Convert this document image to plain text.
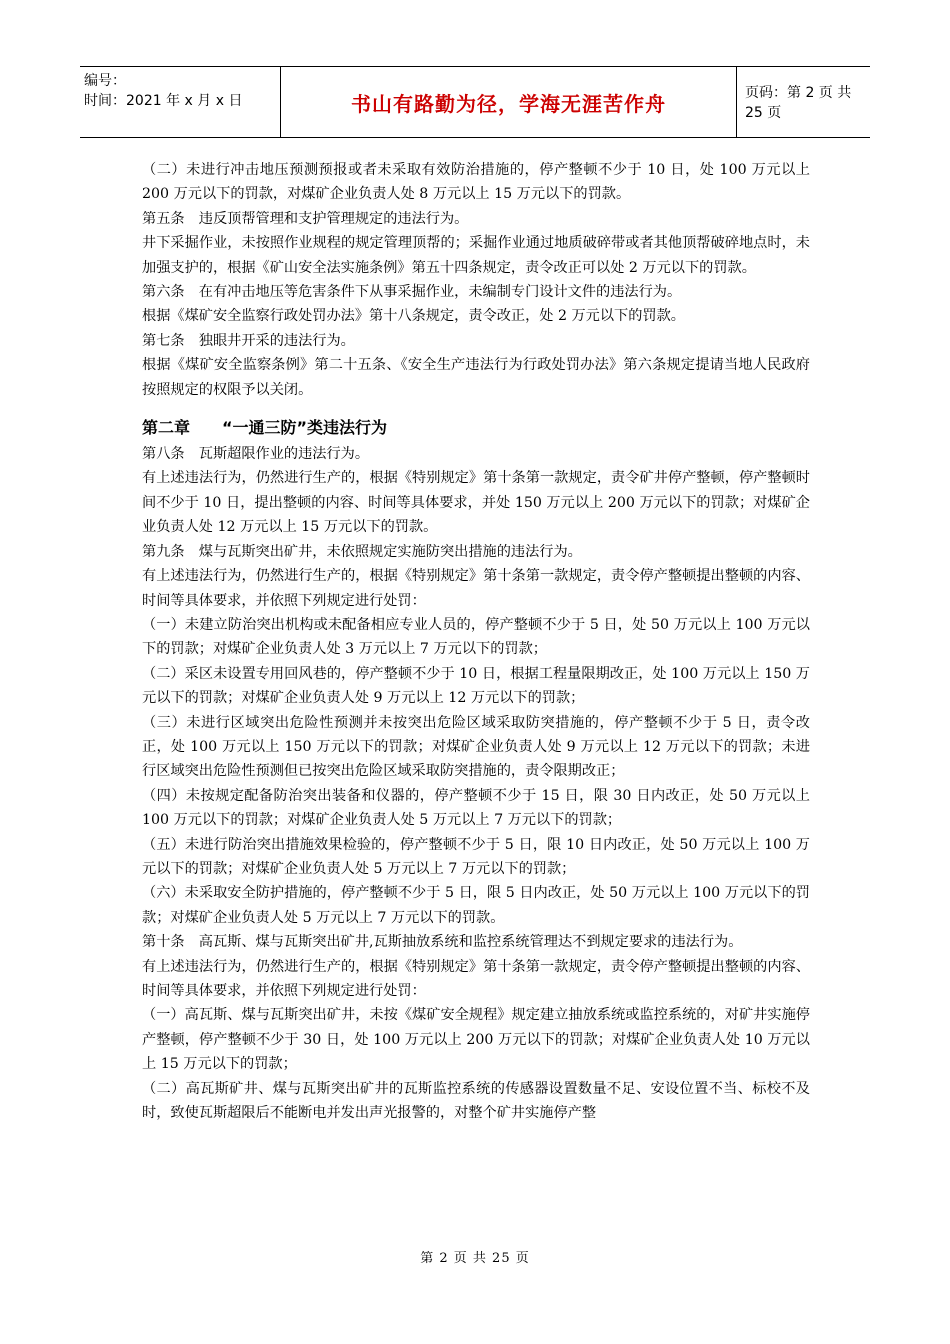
编号：
时间：2021 年 x 月 x 日	书山有路勤为径，学海无涯苦作舟	页码：第 2 页 共 25 页

（二）未进行冲击地压预测预报或者未采取有效防治措施的，停产整顿不少于 10 日，处 100 万元以上 200 万元以下的罚款，对煤矿企业负责人处 8 万元以上 15 万元以下的罚款。

第五条　违反顶帮管理和支护管理规定的违法行为。

井下采掘作业，未按照作业规程的规定管理顶帮的；采掘作业通过地质破碎带或者其他顶帮破碎地点时，未加强支护的，根据《矿山安全法实施条例》第五十四条规定，责令改正可以处 2 万元以下的罚款。

第六条　在有冲击地压等危害条件下从事采掘作业，未编制专门设计文件的违法行为。

根据《煤矿安全监察行政处罚办法》第十八条规定，责令改正，处 2 万元以下的罚款。

第七条　独眼井开采的违法行为。

根据《煤矿安全监察条例》第二十五条、《安全生产违法行为行政处罚办法》第六条规定提请当地人民政府按照规定的权限予以关闭。

第二章　　“一通三防”类违法行为

第八条　瓦斯超限作业的违法行为。

有上述违法行为，仍然进行生产的，根据《特别规定》第十条第一款规定，责令矿井停产整顿，停产整顿时间不少于 10 日，提出整顿的内容、时间等具体要求，并处 150 万元以上 200 万元以下的罚款；对煤矿企业负责人处 12 万元以上 15 万元以下的罚款。

第九条　煤与瓦斯突出矿井，未依照规定实施防突出措施的违法行为。

有上述违法行为，仍然进行生产的，根据《特别规定》第十条第一款规定，责令停产整顿提出整顿的内容、时间等具体要求，并依照下列规定进行处罚：

（一）未建立防治突出机构或未配备相应专业人员的，停产整顿不少于 5 日，处 50 万元以上 100 万元以下的罚款；对煤矿企业负责人处 3 万元以上 7 万元以下的罚款；

（二）采区未设置专用回风巷的，停产整顿不少于 10 日，根据工程量限期改正，处 100 万元以上 150 万元以下的罚款；对煤矿企业负责人处 9 万元以上 12 万元以下的罚款；

（三）未进行区域突出危险性预测并未按突出危险区域采取防突措施的，停产整顿不少于 5 日，责令改正，处 100 万元以上 150 万元以下的罚款；对煤矿企业负责人处 9 万元以上 12 万元以下的罚款；未进行区域突出危险性预测但已按突出危险区域采取防突措施的，责令限期改正；

（四）未按规定配备防治突出装备和仪器的，停产整顿不少于 15 日，限 30 日内改正，处 50 万元以上 100 万元以下的罚款；对煤矿企业负责人处 5 万元以上 7 万元以下的罚款；

（五）未进行防治突出措施效果检验的，停产整顿不少于 5 日，限 10 日内改正，处 50 万元以上 100 万元以下的罚款；对煤矿企业负责人处 5 万元以上 7 万元以下的罚款；

（六）未采取安全防护措施的，停产整顿不少于 5 日，限 5 日内改正，处 50 万元以上 100 万元以下的罚款；对煤矿企业负责人处 5 万元以上 7 万元以下的罚款。

第十条　高瓦斯、煤与瓦斯突出矿井,瓦斯抽放系统和监控系统管理达不到规定要求的违法行为。

有上述违法行为，仍然进行生产的，根据《特别规定》第十条第一款规定，责令停产整顿提出整顿的内容、时间等具体要求，并依照下列规定进行处罚：

（一）高瓦斯、煤与瓦斯突出矿井，未按《煤矿安全规程》规定建立抽放系统或监控系统的，对矿井实施停产整顿，停产整顿不少于 30 日，处 100 万元以上 200 万元以下的罚款；对煤矿企业负责人处 10 万元以上 15 万元以下的罚款；

（二）高瓦斯矿井、煤与瓦斯突出矿井的瓦斯监控系统的传感器设置数量不足、安设位置不当、标校不及时，致使瓦斯超限后不能断电并发出声光报警的，对整个矿井实施停产整

第 2 页 共 25 页
